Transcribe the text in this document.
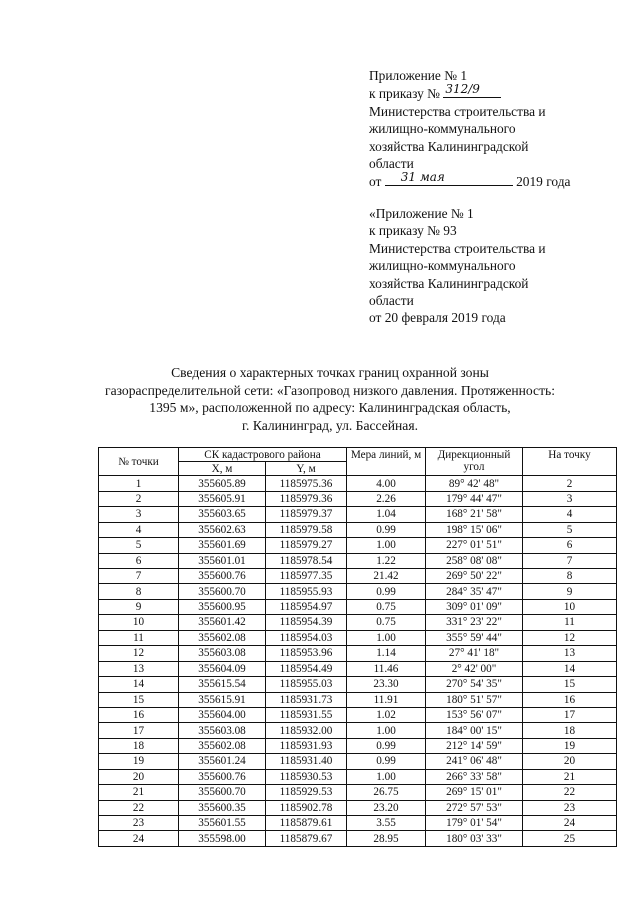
Приложение № 1
к приказу № 312/9
Министерства строительства и
жилищно-коммунального
хозяйства Калининградской
области
от 31 мая	2019 года
«Приложение № 1
к приказу № 93
Министерства строительства и
жилищно-коммунального
хозяйства Калининградской
области
от 20 февраля 2019 года
Сведения о характерных точках границ охранной зоны
газораспределительной сети: «Газопровод низкого давления. Протяженность:
1395 м», расположенной по адресу: Калининградская область,
г. Калининград, ул. Бассейная.
№ точки	СК кадастрового района		Мера линий, м	Дирекционный угол	На точку
	X, м	Y, м			
1	355605.89	1185975.36	4.00	89° 42' 48"	2
2	355605.91	1185979.36	2.26	179° 44' 47"	3
3	355603.65	1185979.37	1.04	168° 21' 58"	4
4	355602.63	1185979.58	0.99	198° 15' 06"	5
5	355601.69	1185979.27	1.00	227° 01' 51"	6
6	355601.01	1185978.54	1.22	258° 08' 08"	7
7	355600.76	1185977.35	21.42	269° 50' 22"	8
8	355600.70	1185955.93	0.99	284° 35' 47"	9
9	355600.95	1185954.97	0.75	309° 01' 09"	10
10	355601.42	1185954.39	0.75	331° 23' 22"	11
11	355602.08	1185954.03	1.00	355° 59' 44"	12
12	355603.08	1185953.96	1.14	27° 41' 18"	13
13	355604.09	1185954.49	11.46	2° 42' 00"	14
14	355615.54	1185955.03	23.30	270° 54' 35"	15
15	355615.91	1185931.73	11.91	180° 51' 57"	16
16	355604.00	1185931.55	1.02	153° 56' 07"	17
17	355603.08	1185932.00	1.00	184° 00' 15"	18
18	355602.08	1185931.93	0.99	212° 14' 59"	19
19	355601.24	1185931.40	0.99	241° 06' 48"	20
20	355600.76	1185930.53	1.00	266° 33' 58"	21
21	355600.70	1185929.53	26.75	269° 15' 01"	22
22	355600.35	1185902.78	23.20	272° 57' 53"	23
23	355601.55	1185879.61	3.55	179° 01' 54"	24
24	355598.00	1185879.67	28.95	180° 03' 33"	25
